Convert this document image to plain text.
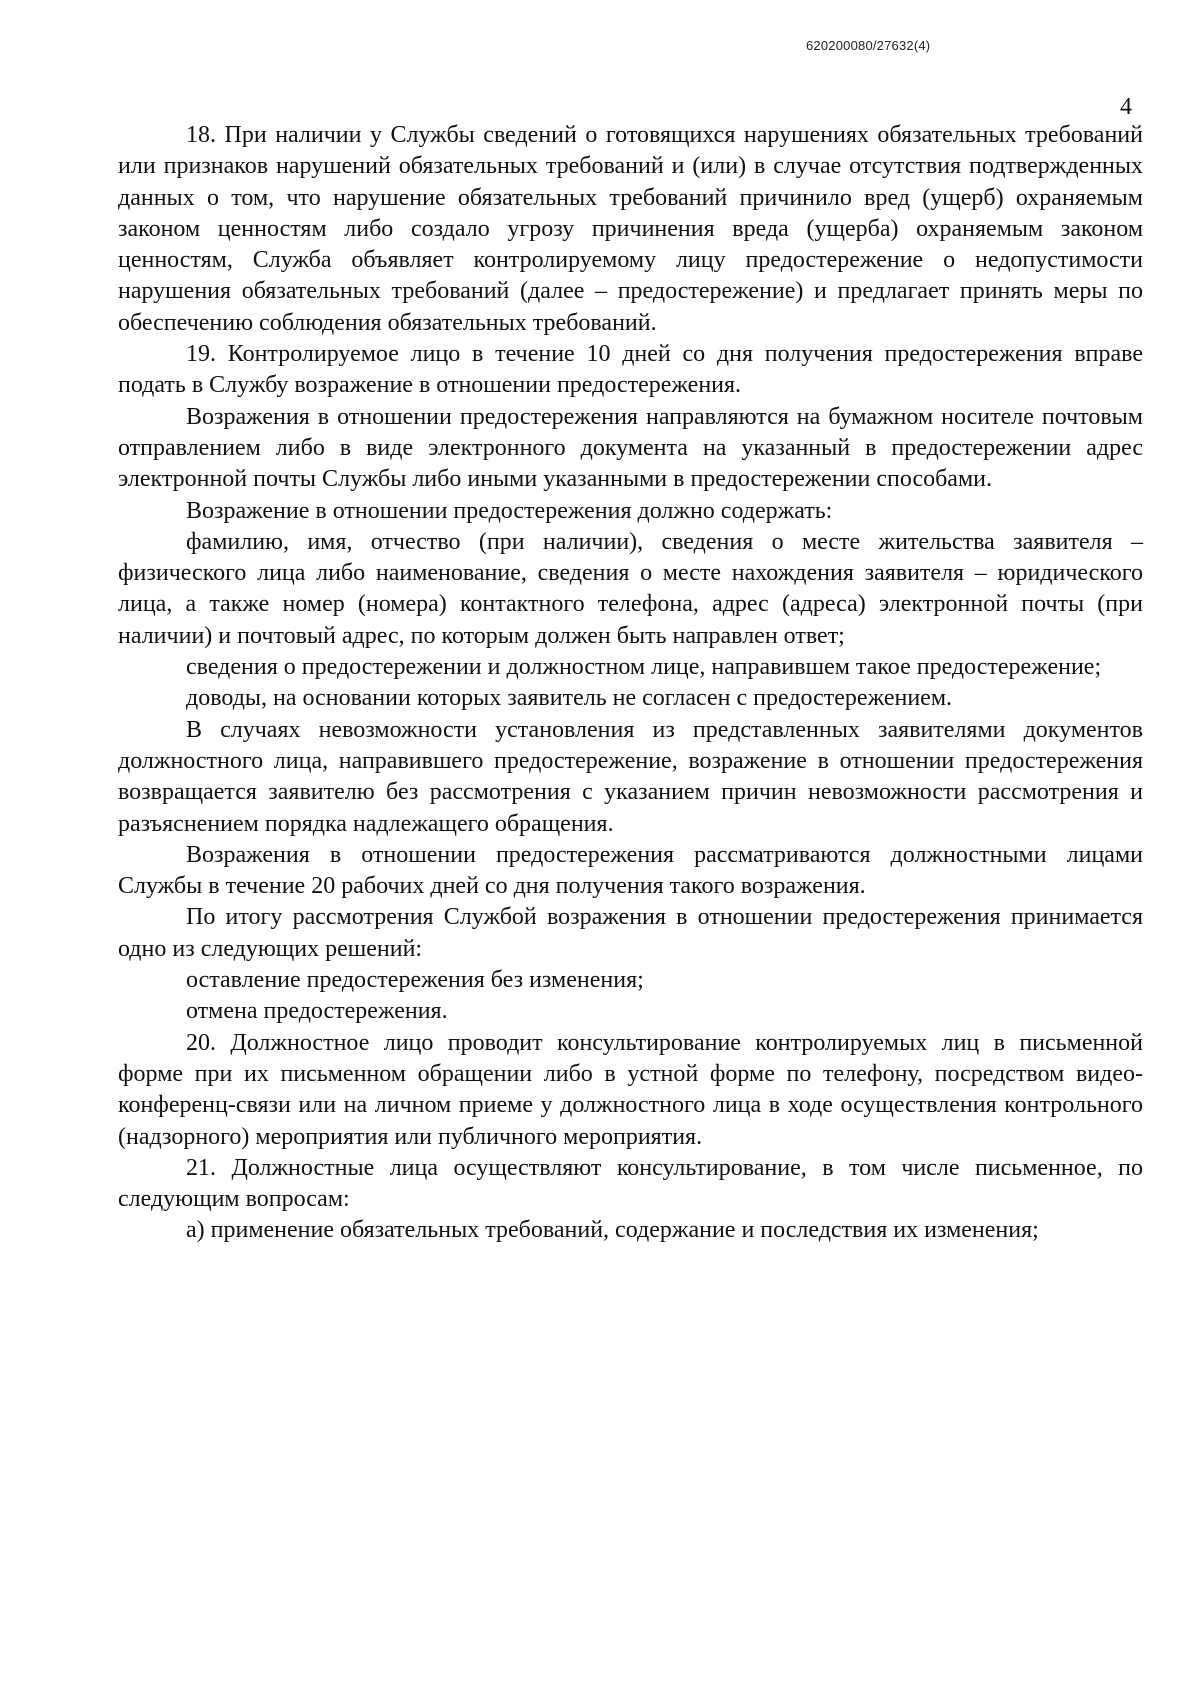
620200080/27632(4)
4

18. При наличии у Службы сведений о готовящихся нарушениях обязательных требований или признаков нарушений обязательных требований и (или) в случае отсутствия подтвержденных данных о том, что нарушение обязательных требований причинило вред (ущерб) охраняемым законом ценностям либо создало угрозу причинения вреда (ущерба) охраняемым законом ценностям, Служба объявляет контролируемому лицу предостережение о недопустимости нарушения обязательных требований (далее – предостережение) и предлагает принять меры по обеспечению соблюдения обязательных требований.

19. Контролируемое лицо в течение 10 дней со дня получения предостережения вправе подать в Службу возражение в отношении предостережения.

Возражения в отношении предостережения направляются на бумажном носителе почтовым отправлением либо в виде электронного документа на указанный в предостережении адрес электронной почты Службы либо иными указанными в предостережении способами.

Возражение в отношении предостережения должно содержать:

фамилию, имя, отчество (при наличии), сведения о месте жительства заявителя – физического лица либо наименование, сведения о месте нахождения заявителя – юридического лица, а также номер (номера) контактного телефона, адрес (адреса) электронной почты (при наличии) и почтовый адрес, по которым должен быть направлен ответ;

сведения о предостережении и должностном лице, направившем такое предостережение;

доводы, на основании которых заявитель не согласен с предостережением.

В случаях невозможности установления из представленных заявителями документов должностного лица, направившего предостережение, возражение в отношении предостережения возвращается заявителю без рассмотрения с указанием причин невозможности рассмотрения и разъяснением порядка надлежащего обращения.

Возражения в отношении предостережения рассматриваются должностными лицами Службы в течение 20 рабочих дней со дня получения такого возражения.

По итогу рассмотрения Службой возражения в отношении предостережения принимается одно из следующих решений:

оставление предостережения без изменения;

отмена предостережения.

20. Должностное лицо проводит консультирование контролируемых лиц в письменной форме при их письменном обращении либо в устной форме по телефону, посредством видео-конференц-связи или на личном приеме у должностного лица в ходе осуществления контрольного (надзорного) мероприятия или публичного мероприятия.

21. Должностные лица осуществляют консультирование, в том числе письменное, по следующим вопросам:

а) применение обязательных требований, содержание и последствия их изменения;
